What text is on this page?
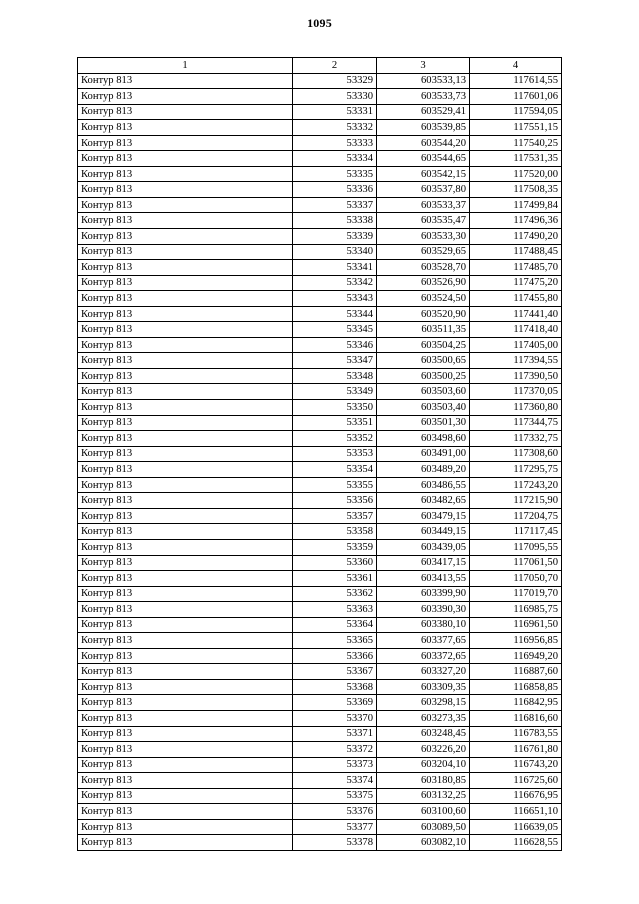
1095
1	2	3	4
Контур 813	53329	603533,13	117614,55
Контур 813	53330	603533,73	117601,06
Контур 813	53331	603529,41	117594,05
Контур 813	53332	603539,85	117551,15
Контур 813	53333	603544,20	117540,25
Контур 813	53334	603544,65	117531,35
Контур 813	53335	603542,15	117520,00
Контур 813	53336	603537,80	117508,35
Контур 813	53337	603533,37	117499,84
Контур 813	53338	603535,47	117496,36
Контур 813	53339	603533,30	117490,20
Контур 813	53340	603529,65	117488,45
Контур 813	53341	603528,70	117485,70
Контур 813	53342	603526,90	117475,20
Контур 813	53343	603524,50	117455,80
Контур 813	53344	603520,90	117441,40
Контур 813	53345	603511,35	117418,40
Контур 813	53346	603504,25	117405,00
Контур 813	53347	603500,65	117394,55
Контур 813	53348	603500,25	117390,50
Контур 813	53349	603503,60	117370,05
Контур 813	53350	603503,40	117360,80
Контур 813	53351	603501,30	117344,75
Контур 813	53352	603498,60	117332,75
Контур 813	53353	603491,00	117308,60
Контур 813	53354	603489,20	117295,75
Контур 813	53355	603486,55	117243,20
Контур 813	53356	603482,65	117215,90
Контур 813	53357	603479,15	117204,75
Контур 813	53358	603449,15	117117,45
Контур 813	53359	603439,05	117095,55
Контур 813	53360	603417,15	117061,50
Контур 813	53361	603413,55	117050,70
Контур 813	53362	603399,90	117019,70
Контур 813	53363	603390,30	116985,75
Контур 813	53364	603380,10	116961,50
Контур 813	53365	603377,65	116956,85
Контур 813	53366	603372,65	116949,20
Контур 813	53367	603327,20	116887,60
Контур 813	53368	603309,35	116858,85
Контур 813	53369	603298,15	116842,95
Контур 813	53370	603273,35	116816,60
Контур 813	53371	603248,45	116783,55
Контур 813	53372	603226,20	116761,80
Контур 813	53373	603204,10	116743,20
Контур 813	53374	603180,85	116725,60
Контур 813	53375	603132,25	116676,95
Контур 813	53376	603100,60	116651,10
Контур 813	53377	603089,50	116639,05
Контур 813	53378	603082,10	116628,55
